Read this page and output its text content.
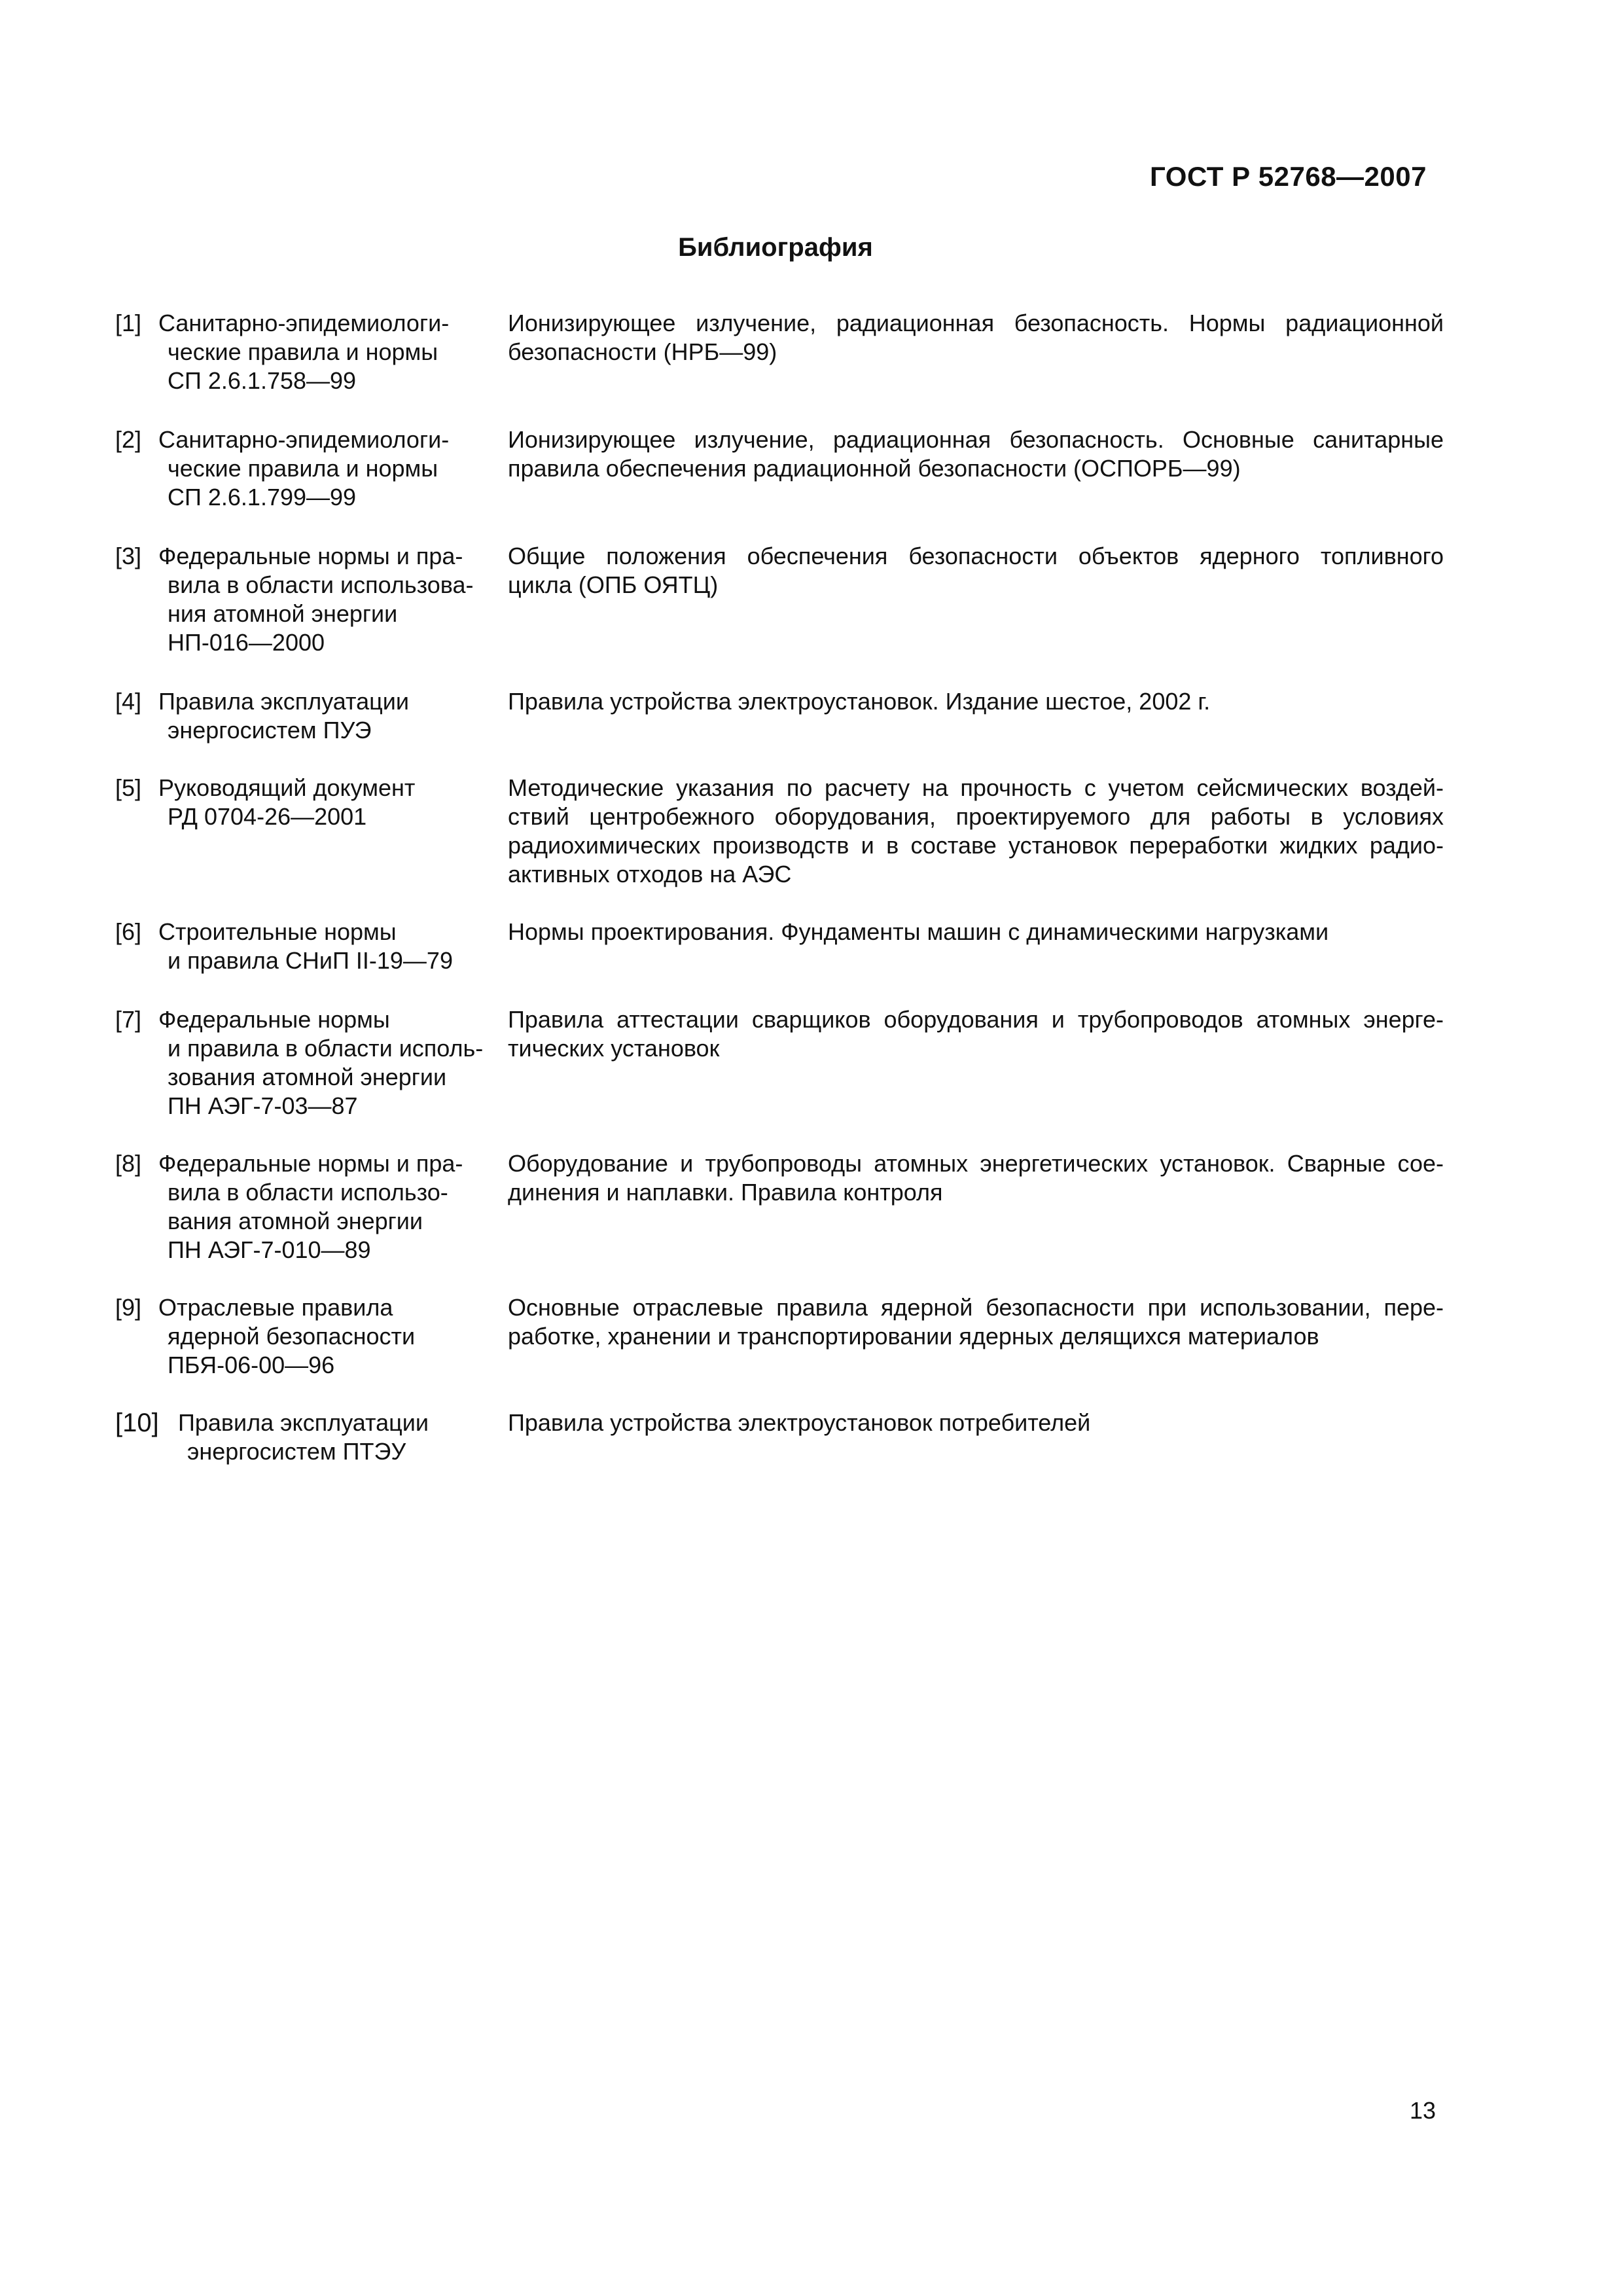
ГОСТ Р 52768—2007
Библиография
[1] Санитарно-эпидемиологи-
ческие правила и нормы
СП 2.6.1.758—99
Ионизирующее излучение, радиационная безопасность. Нормы радиационной
безопасности (НРБ—99)
[2] Санитарно-эпидемиологи-
ческие правила и нормы
СП 2.6.1.799—99
Ионизирующее излучение, радиационная безопасность. Основные санитарные
правила обеспечения радиационной безопасности (ОСПОРБ—99)
[3] Федеральные нормы и пра-
вила в области использова-
ния атомной энергии
НП-016—2000
Общие положения обеспечения безопасности объектов ядерного топливного
цикла (ОПБ ОЯТЦ)
[4] Правила эксплуатации
энергосистем ПУЭ
Правила устройства электроустановок. Издание шестое, 2002 г.
[5] Руководящий документ
РД 0704-26—2001
Методические указания по расчету на прочность с учетом сейсмических воздей-
ствий центробежного оборудования, проектируемого для работы в условиях
радиохимических производств и в составе установок переработки жидких радио-
активных отходов на АЭС
[6] Строительные нормы
и правила СНиП II-19—79
Нормы проектирования. Фундаменты машин с динамическими нагрузками
[7] Федеральные нормы
и правила в области исполь-
зования атомной энергии
ПН АЭГ-7-03—87
Правила аттестации сварщиков оборудования и трубопроводов атомных энерге-
тических установок
[8] Федеральные нормы и пра-
вила в области использо-
вания атомной энергии
ПН АЭГ-7-010—89
Оборудование и трубопроводы атомных энергетических установок. Сварные сое-
динения и наплавки. Правила контроля
[9] Отраслевые правила
ядерной безопасности
ПБЯ-06-00—96
Основные отраслевые правила ядерной безопасности при использовании, пере-
работке, хранении и транспортировании ядерных делящихся материалов
[10] Правила эксплуатации
энергосистем ПТЭУ
Правила устройства электроустановок потребителей
13
